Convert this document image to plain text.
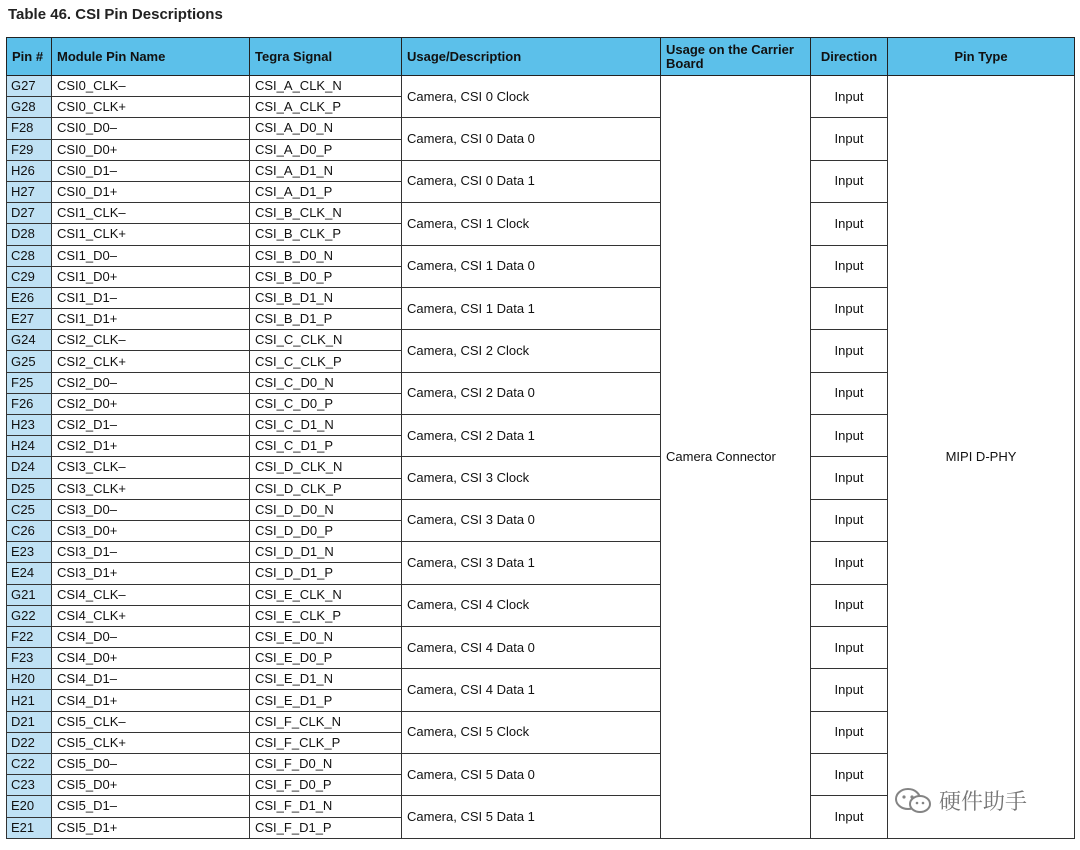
Table 46. CSI Pin Descriptions
Pin #	Module Pin Name	Tegra Signal	Usage/Description	Usage on the Carrier Board	Direction	Pin Type
G27	CSI0_CLK–	CSI_A_CLK_N	Camera, CSI 0 Clock	Camera Connector	Input	MIPI D-PHY
G28	CSI0_CLK+	CSI_A_CLK_P				
F28	CSI0_D0–	CSI_A_D0_N	Camera, CSI 0 Data 0		Input	
F29	CSI0_D0+	CSI_A_D0_P				
H26	CSI0_D1–	CSI_A_D1_N	Camera, CSI 0 Data 1		Input	
H27	CSI0_D1+	CSI_A_D1_P				
D27	CSI1_CLK–	CSI_B_CLK_N	Camera, CSI 1 Clock		Input	
D28	CSI1_CLK+	CSI_B_CLK_P				
C28	CSI1_D0–	CSI_B_D0_N	Camera, CSI 1 Data 0		Input	
C29	CSI1_D0+	CSI_B_D0_P				
E26	CSI1_D1–	CSI_B_D1_N	Camera, CSI 1 Data 1		Input	
E27	CSI1_D1+	CSI_B_D1_P				
G24	CSI2_CLK–	CSI_C_CLK_N	Camera, CSI 2 Clock		Input	
G25	CSI2_CLK+	CSI_C_CLK_P				
F25	CSI2_D0–	CSI_C_D0_N	Camera, CSI 2 Data 0		Input	
F26	CSI2_D0+	CSI_C_D0_P				
H23	CSI2_D1–	CSI_C_D1_N	Camera, CSI 2 Data 1		Input	
H24	CSI2_D1+	CSI_C_D1_P				
D24	CSI3_CLK–	CSI_D_CLK_N	Camera, CSI 3 Clock		Input	
D25	CSI3_CLK+	CSI_D_CLK_P				
C25	CSI3_D0–	CSI_D_D0_N	Camera, CSI 3 Data 0		Input	
C26	CSI3_D0+	CSI_D_D0_P				
E23	CSI3_D1–	CSI_D_D1_N	Camera, CSI 3 Data 1		Input	
E24	CSI3_D1+	CSI_D_D1_P				
G21	CSI4_CLK–	CSI_E_CLK_N	Camera, CSI 4 Clock		Input	
G22	CSI4_CLK+	CSI_E_CLK_P				
F22	CSI4_D0–	CSI_E_D0_N	Camera, CSI 4 Data 0		Input	
F23	CSI4_D0+	CSI_E_D0_P				
H20	CSI4_D1–	CSI_E_D1_N	Camera, CSI 4 Data 1		Input	
H21	CSI4_D1+	CSI_E_D1_P				
D21	CSI5_CLK–	CSI_F_CLK_N	Camera, CSI 5 Clock		Input	
D22	CSI5_CLK+	CSI_F_CLK_P				
C22	CSI5_D0–	CSI_F_D0_N	Camera, CSI 5 Data 0		Input	
C23	CSI5_D0+	CSI_F_D0_P				
E20	CSI5_D1–	CSI_F_D1_N	Camera, CSI 5 Data 1		Input	
E21	CSI5_D1+	CSI_F_D1_P				
硬件助手
